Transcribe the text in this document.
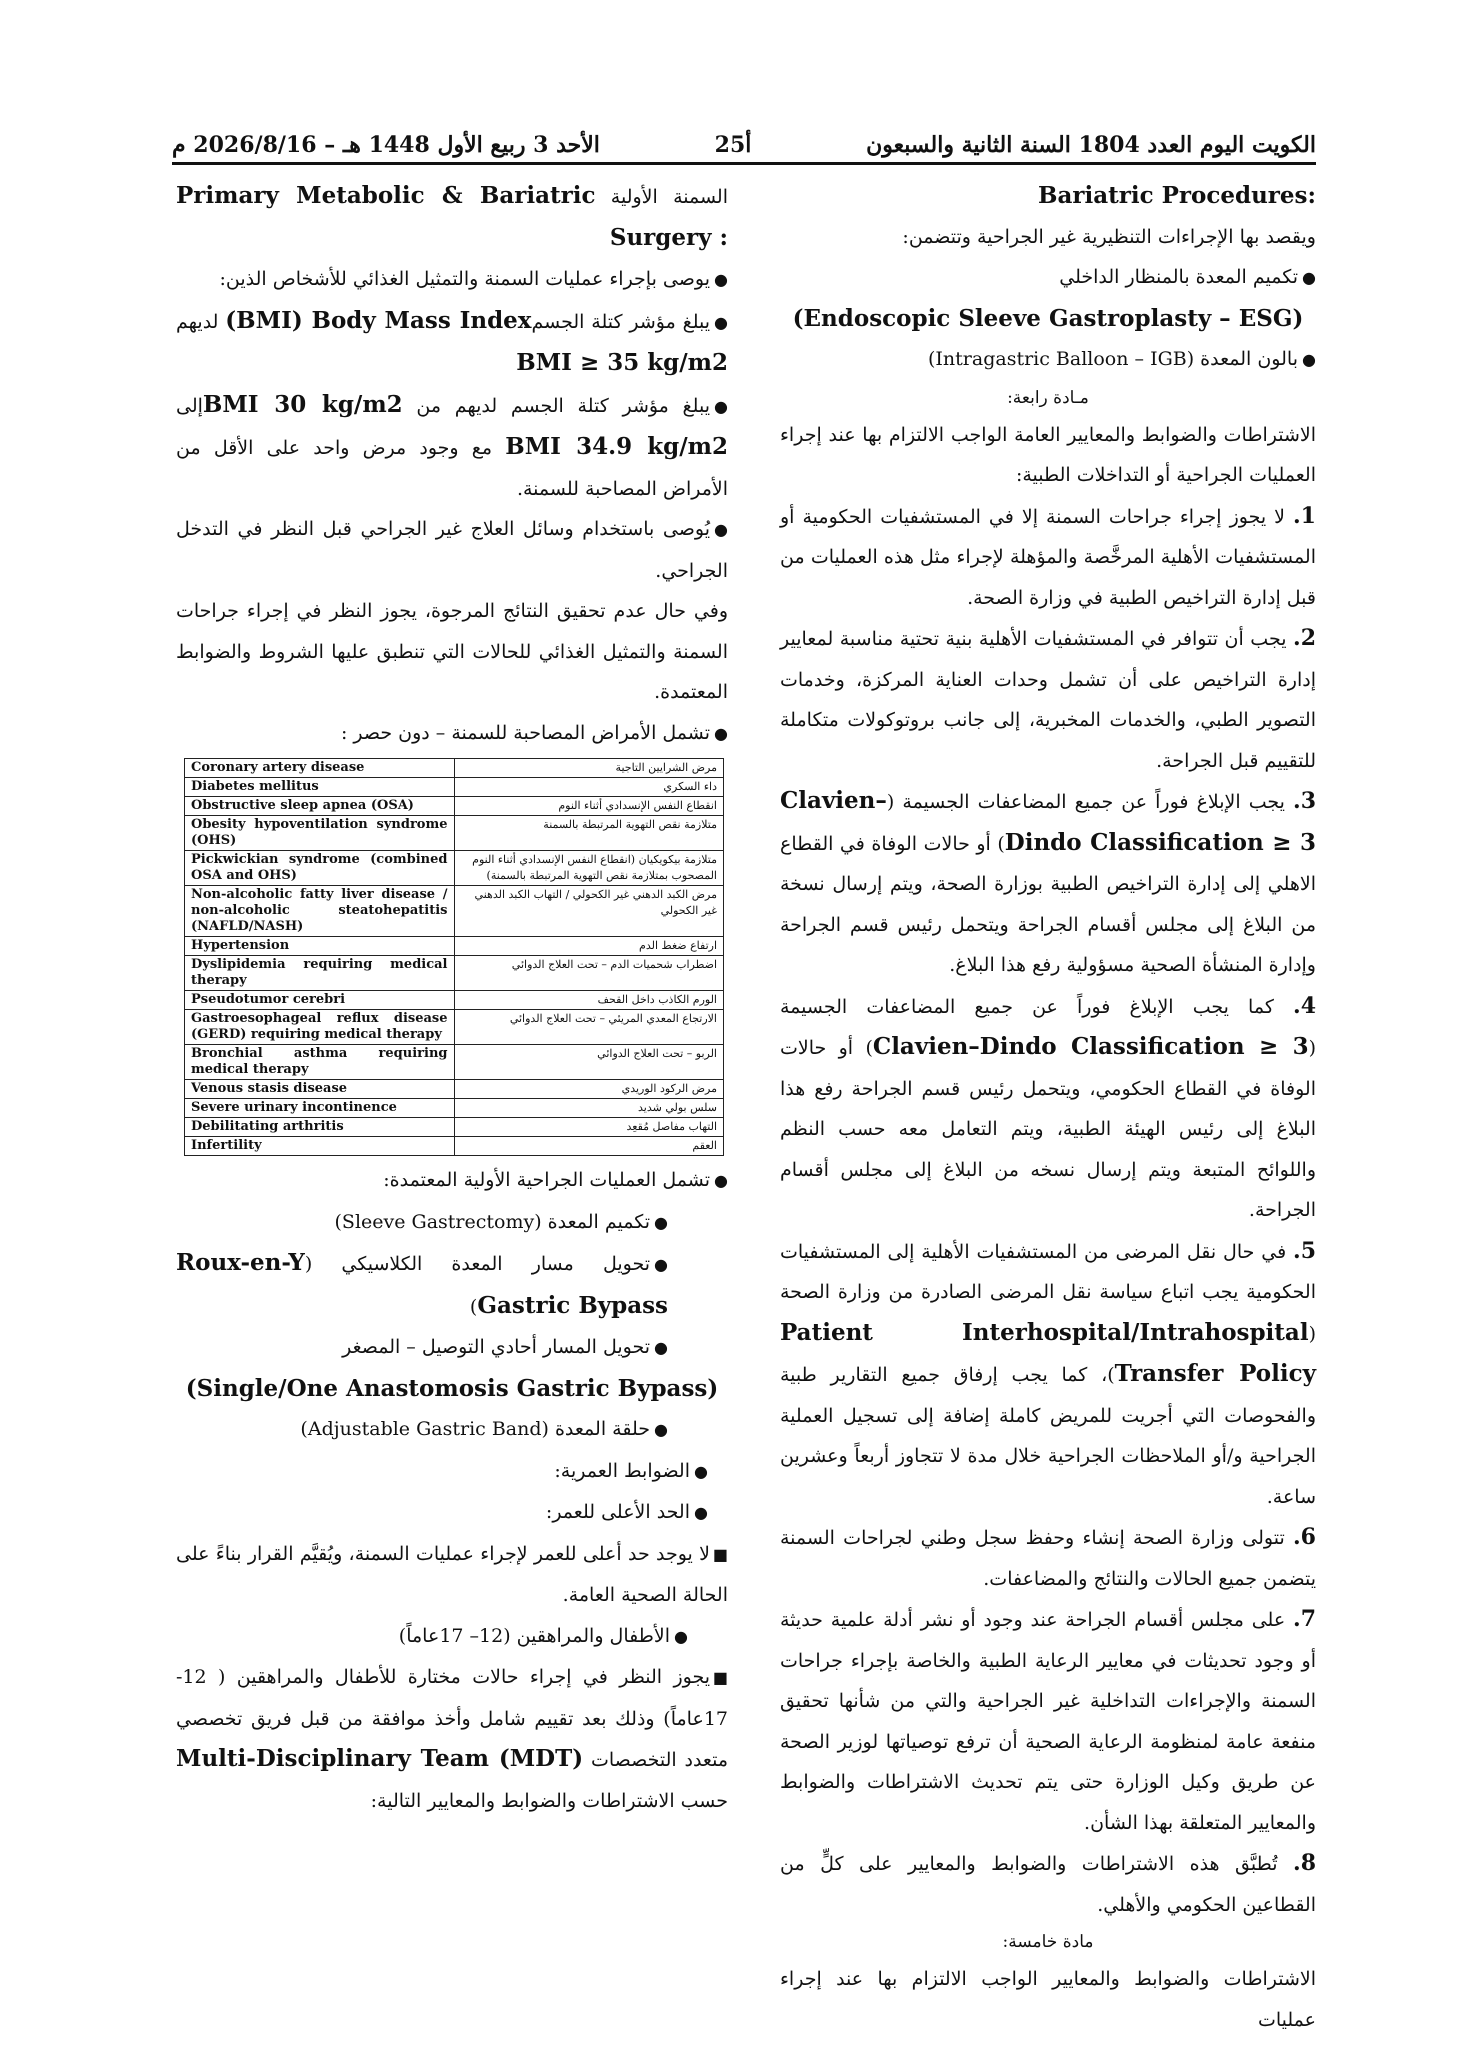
الكويت اليوم العدد 1804 السنة الثانية والسبعون
أ25
الأحد 3 ربيع الأول 1448 هـ – 2026/8/16 م

Bariatric Procedures:

ويقصد بها الإجراءات التنظيرية غير الجراحية وتتضمن:

●تكميم المعدة بالمنظار الداخلي

(Endoscopic Sleeve Gastroplasty – ESG)

●بالون المعدة (Intragastric Balloon – IGB)

مـادة رابعة:

الاشتراطات والضوابط والمعايير العامة الواجب الالتزام بها عند إجراء العمليات الجراحية أو التداخلات الطبية:

1. لا يجوز إجراء جراحات السمنة إلا في المستشفيات الحكومية أو المستشفيات الأهلية المرخَّصة والمؤهلة لإجراء مثل هذه العمليات من قبل إدارة التراخيص الطبية في وزارة الصحة.

2. يجب أن تتوافر في المستشفيات الأهلية بنية تحتية مناسبة لمعايير إدارة التراخيص على أن تشمل وحدات العناية المركزة، وخدمات التصوير الطبي، والخدمات المخبرية، إلى جانب بروتوكولات متكاملة للتقييم قبل الجراحة.

3. يجب الإبلاغ فوراً عن جميع المضاعفات الجسيمة (Clavien–Dindo Classification ≥ 3) أو حالات الوفاة في القطاع الاهلي إلى إدارة التراخيص الطبية بوزارة الصحة، ويتم إرسال نسخة من البلاغ إلى مجلس أقسام الجراحة ويتحمل رئيس قسم الجراحة وإدارة المنشأة الصحية مسؤولية رفع هذا البلاغ.

4. كما يجب الإبلاغ فوراً عن جميع المضاعفات الجسيمة (Clavien–Dindo Classification ≥ 3) أو حالات الوفاة في القطاع الحكومي، ويتحمل رئيس قسم الجراحة رفع هذا البلاغ إلى رئيس الهيئة الطبية، ويتم التعامل معه حسب النظم واللوائح المتبعة ويتم إرسال نسخه من البلاغ إلى مجلس أقسام الجراحة.

5. في حال نقل المرضى من المستشفيات الأهلية إلى المستشفيات الحكومية يجب اتباع سياسة نقل المرضى الصادرة من وزارة الصحة (Patient Interhospital/Intrahospital Transfer Policy)، كما يجب إرفاق جميع التقارير طبية والفحوصات التي أجريت للمريض كاملة إضافة إلى تسجيل العملية الجراحية و/أو الملاحظات الجراحية خلال مدة لا تتجاوز أربعاً وعشرين ساعة.

6. تتولى وزارة الصحة إنشاء وحفظ سجل وطني لجراحات السمنة يتضمن جميع الحالات والنتائج والمضاعفات.

7. على مجلس أقسام الجراحة عند وجود أو نشر أدلة علمية حديثة أو وجود تحديثات في معايير الرعاية الطبية والخاصة بإجراء جراحات السمنة والإجراءات التداخلية غير الجراحية والتي من شأنها تحقيق منفعة عامة لمنظومة الرعاية الصحية أن ترفع توصياتها لوزير الصحة عن طريق وكيل الوزارة حتى يتم تحديث الاشتراطات والضوابط والمعايير المتعلقة بهذا الشأن.

8. تُطبَّق هذه الاشتراطات والضوابط والمعايير على كلٍّ من القطاعين الحكومي والأهلي.

مادة خامسة:

الاشتراطات والضوابط والمعايير الواجب الالتزام بها عند إجراء عمليات

السمنة الأولية Primary Metabolic & Bariatric Surgery :

●يوصى بإجراء عمليات السمنة والتمثيل الغذائي للأشخاص الذين:

●يبلغ مؤشر كتلة الجسم(BMI) Body Mass Index لديهم BMI ≥ 35 kg/m2

●يبلغ مؤشر كتلة الجسم لديهم من BMI 30 kg/m2إلى BMI 34.9 kg/m2 مع وجود مرض واحد على الأقل من الأمراض المصاحبة للسمنة.

●يُوصى باستخدام وسائل العلاج غير الجراحي قبل النظر في التدخل الجراحي.

وفي حال عدم تحقيق النتائج المرجوة، يجوز النظر في إجراء جراحات السمنة والتمثيل الغذائي للحالات التي تنطبق عليها الشروط والضوابط المعتمدة.

●تشمل الأمراض المصاحبة للسمنة – دون حصر :

Coronary artery disease	مرض الشرايين التاجية
Diabetes mellitus	داء السكري
Obstructive sleep apnea (OSA)	انقطاع النفس الإنسدادي أثناء النوم
Obesity hypoventilation syndrome (OHS)	متلازمة نقص التهوية المرتبطة بالسمنة
Pickwickian syndrome (combined OSA and OHS)	متلازمة بيكويكيان (انقطاع النفس الإنسدادي أثناء النوم المصحوب بمتلازمة نقص التهوية المرتبطة بالسمنة)
Non-alcoholic fatty liver disease / non-alcoholic steatohepatitis (NAFLD/NASH)	مرض الكبد الدهني غير الكحولي / التهاب الكبد الدهني غير الكحولي
Hypertension	ارتفاع ضغط الدم
Dyslipidemia requiring medical therapy	اضطراب شحميات الدم – تحت العلاج الدوائي
Pseudotumor cerebri	الورم الكاذب داخل القحف
Gastroesophageal reflux disease (GERD) requiring medical therapy	الارتجاع المعدي المريئي – تحت العلاج الدوائي
Bronchial asthma requiring medical therapy	الربو – تحت العلاج الدوائي
Venous stasis disease	مرض الركود الوريدي
Severe urinary incontinence	سلس بولي شديد
Debilitating arthritis	التهاب مفاصل مُقعِد
Infertility	العقم

●تشمل العمليات الجراحية الأولية المعتمدة:

●تكميم المعدة (Sleeve Gastrectomy)

●تحويل مسار المعدة الكلاسيكي (Roux-en-Y Gastric Bypass)

●تحويل المسار أحادي التوصيل – المصغر

(Single/One Anastomosis Gastric Bypass)

●حلقة المعدة (Adjustable Gastric Band)

●الضوابط العمرية:

●الحد الأعلى للعمر:

■لا يوجد حد أعلى للعمر لإجراء عمليات السمنة، ويُقيَّم القرار بناءً على الحالة الصحية العامة.

●الأطفال والمراهقين (12– 17عاماً)

■يجوز النظر في إجراء حالات مختارة للأطفال والمراهقين ( 12-17عاماً) وذلك بعد تقييم شامل وأخذ موافقة من قبل فريق تخصصي متعدد التخصصات Multi-Disciplinary Team (MDT) حسب الاشتراطات والضوابط والمعايير التالية:
